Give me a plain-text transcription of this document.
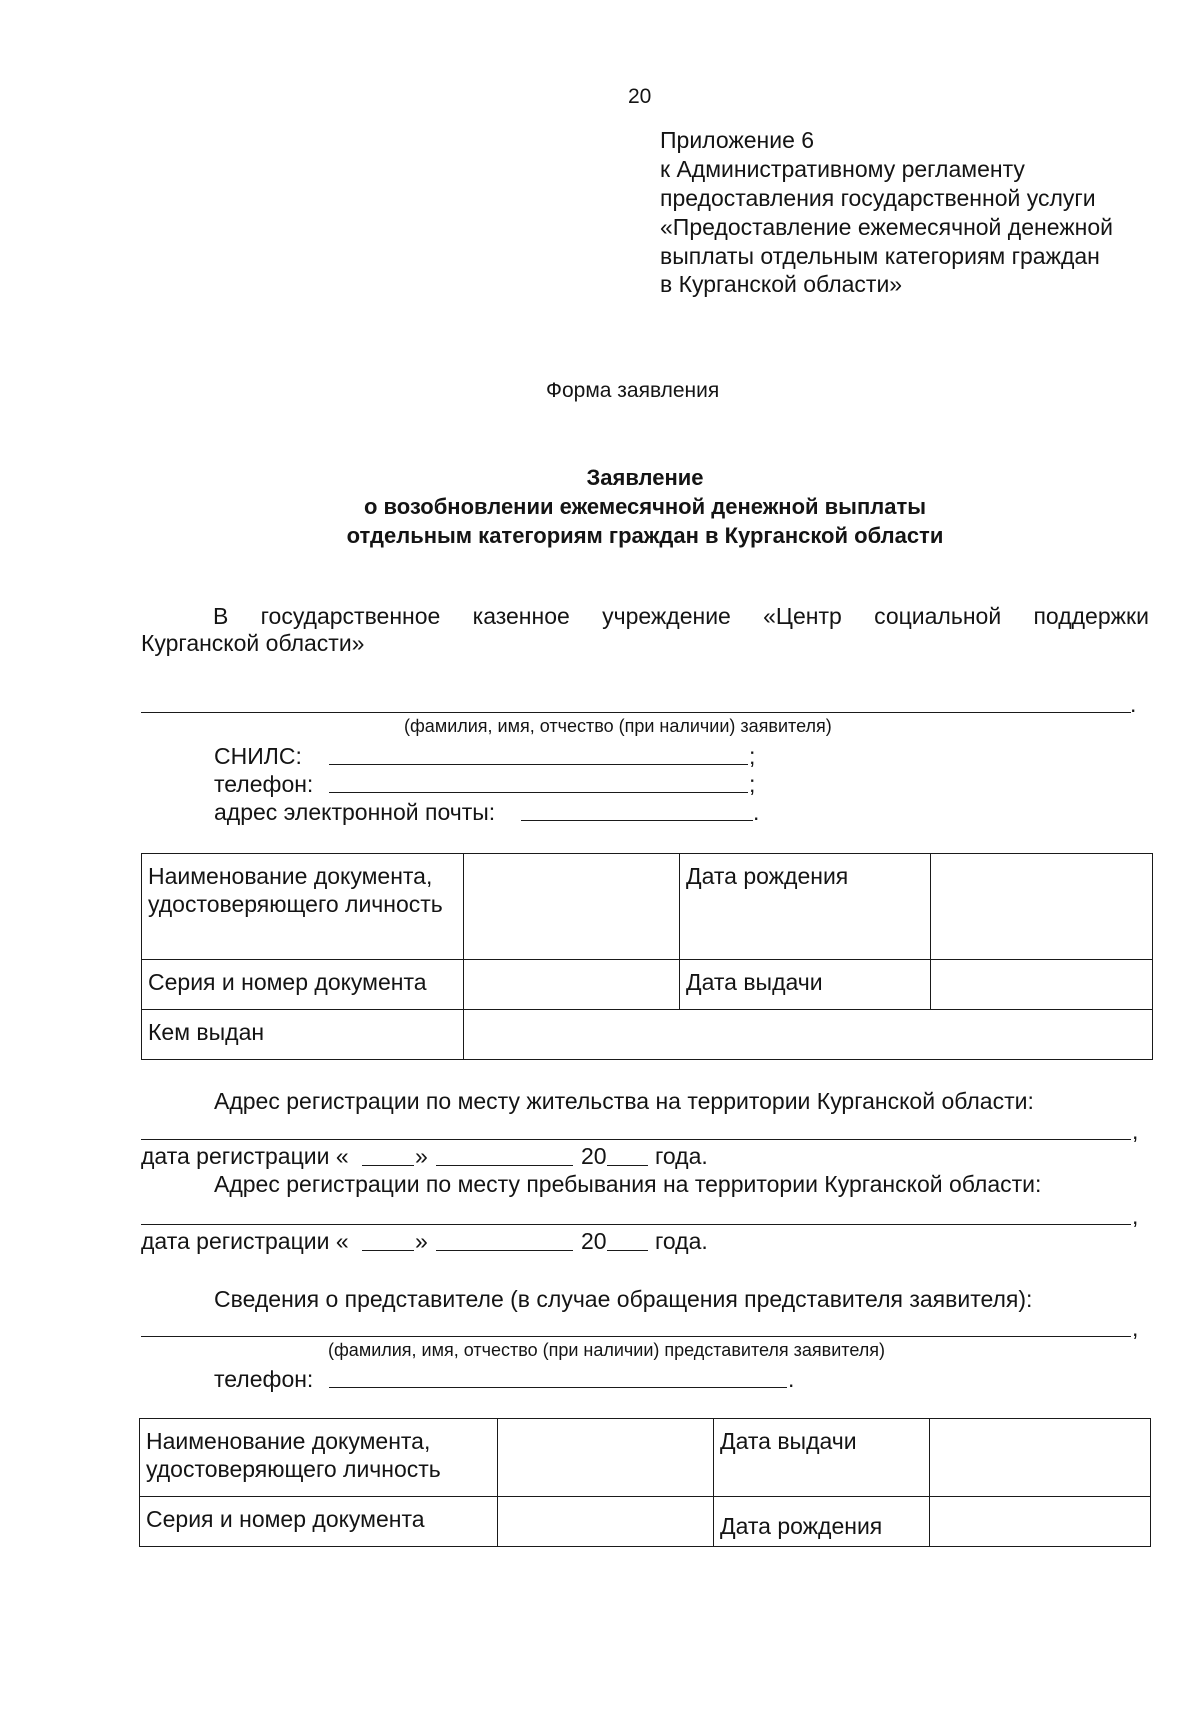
20
Приложение 6
к Административному регламенту
предоставления государственной услуги
«Предоставление ежемесячной денежной
выплаты отдельным категориям граждан
в Курганской области»
Форма заявления
Заявление
о возобновлении ежемесячной денежной выплаты
отдельным категориям граждан в Курганской области
В государственное казенное учреждение «Центр социальной поддержки
Курганской области»
.
(фамилия, имя, отчество (при наличии) заявителя)
СНИЛС:	;
телефон:	;
адрес электронной почты:	.
Наименование документа, удостоверяющего личность		Дата рождения	
Серия и номер документа		Дата выдачи	
Кем выдан			
Адрес регистрации по месту жительства на территории Курганской области:
,
дата регистрации «	»	20 года.
Адрес регистрации по месту пребывания на территории Курганской области:
,
дата регистрации «	»	20 года.
Сведения о представителе (в случае обращения представителя заявителя):
,
(фамилия, имя, отчество (при наличии) представителя заявителя)
телефон:	.
Наименование документа, удостоверяющего личность		Дата выдачи	
Серия и номер документа		Дата рождения	
